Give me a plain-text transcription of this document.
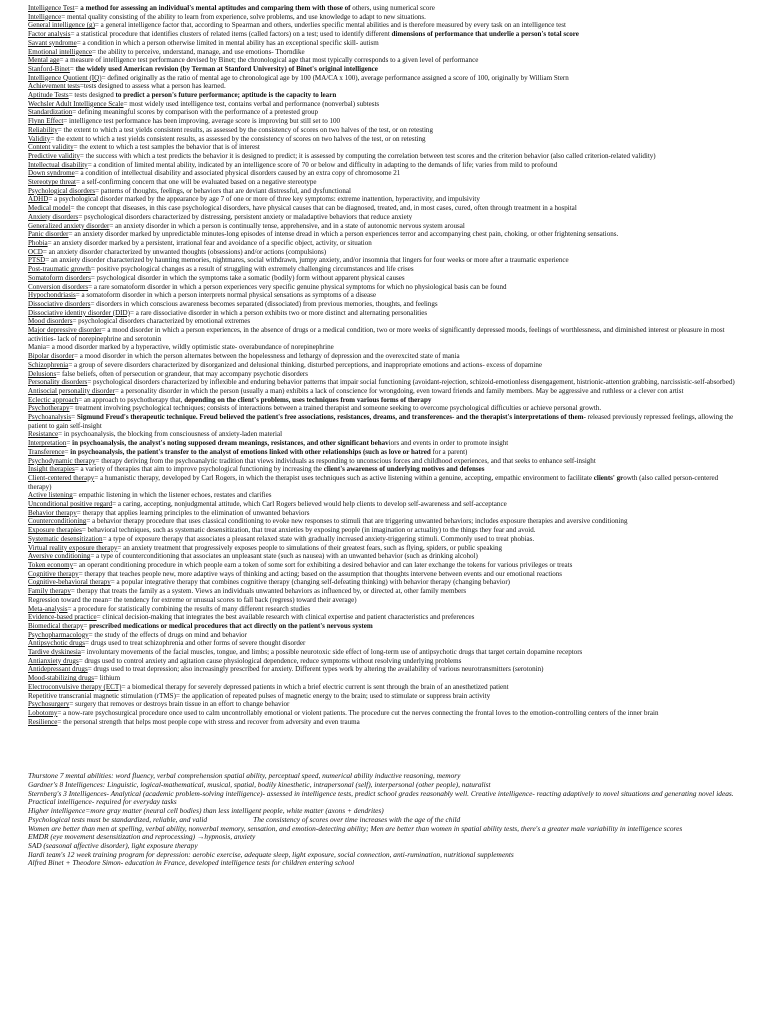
Intelligence Test= a method for assessing an individual's mental aptitudes and comparing them with those of others, using numerical score

Intelligence= mental quality consisting of the ability to learn from experience, solve problems, and use knowledge to adapt to new situations.

General intelligence (g)= a general intelligence factor that, according to Spearman and others, underlies specific mental abilities and is therefore measured by every task on an intelligence test

Factor analysis= a statistical procedure that identifies clusters of related items (called factors) on a test; used to identify different dimensions of performance that underlie a person's total score

Savant syndrome= a condition in which a person otherwise limited in mental ability has an exceptional specific skill- autism

Emotional intelligence= the ability to perceive, understand, manage, and use emotions- Thorndike

Mental age= a measure of intelligence test performance devised by Binet; the chronological age that most typically corresponds to a given level of performance

Stanford-Binet= the widely used American revision (by Terman at Stanford University) of Binet's original intelligence

Intelligence Quotient (IQ)= defined originally as the ratio of mental age to chronological age by 100 (MA/CA x 100), average performance assigned a score of 100, originally by William Stern

Achievement tests=tests designed to assess what a person has learned.

Aptitude Tests= tests designed to predict a person's future performance; aptitude is the capacity to learn

Wechsler Adult Intelligence Scale= most widely used intelligence test, contains verbal and performance (nonverbal) subtests

Standardization= defining meaningful scores by comparison with the performance of a pretested group

Flynn Effect= intelligence test performance has been improving, average score is improving but still set to 100

Reliability= the extent to which a test yields consistent results, as assessed by the consistency of scores on two halves of the test, or on retesting

Validity= the extent to which a test yields consistent results, as assessed by the consistency of scores on two halves of the test, or on retesting

Content validity= the extent to which a test samples the behavior that is of interest

Predictive validity= the success with which a test predicts the behavior it is designed to predict; it is assessed by computing the correlation between test scores and the criterion behavior (also called criterion-related validity)

Intellectual disability= a condition of limited mental ability, indicated by an intelligence score of 70 or below and difficulty in adapting to the demands of life; varies from mild to profound

Down syndrome= a condition of intellectual disability and associated physical disorders caused by an extra copy of chromosome 21

Stereotype threat= a self-confirming concern that one will be evaluated based on a negative stereotype

Psychological disorders= patterns of thoughts, feelings, or behaviors that are deviant distressful, and dysfunctional

ADHD= a psychological disorder marked by the appearance by age 7 of one or more of three key symptoms: extreme inattention, hyperactivity, and impulsivity

Medical model= the concept that diseases, in this case psychological disorders, have physical causes that can be diagnosed, treated, and, in most cases, cured, often through treatment in a hospital

Anxiety disorders= psychological disorders characterized by distressing, persistent anxiety or maladaptive behaviors that reduce anxiety

Generalized anxiety disorder= an anxiety disorder in which a person is continually tense, apprehensive, and in a state of autonomic nervous system arousal

Panic disorder= an anxiety disorder marked by unpredictable minutes-long episodes of intense dread in which a person experiences terror and accompanying chest pain, choking, or other frightening sensations.

Phobia= an anxiety disorder marked by a persistent, irrational fear and avoidance of a specific object, activity, or situation

OCD= an anxiety disorder characterized by unwanted thoughts (obsessions) and/or actions (compulsions)

PTSD= an anxiety disorder characterized by haunting memories, nightmares, social withdrawn, jumpy anxiety, and/or insomnia that lingers for four weeks or more after a traumatic experience

Post-traumatic growth= positive psychological changes as a result of struggling with extremely challenging circumstances and life crises

Somatoform disorders= psychological disorder in which the symptoms take a somatic (bodily) form without apparent physical causes

Conversion disorders= a rare somatoform disorder in which a person experiences very specific genuine physical symptoms for which no physiological basis can be found

Hypochondriasis= a somatoform disorder in which a person interprets normal physical sensations as symptoms of a disease

Dissociative disorders= disorders in which conscious awareness becomes separated (dissociated) from previous memories, thoughts, and feelings

Dissociative identity disorder (DID)= a rare dissociative disorder in which a person exhibits two or more distinct and alternating personalities

Mood disorders= psychological disorders characterized by emotional extremes

Major depressive disorder= a mood disorder in which a person experiences, in the absence of drugs or a medical condition, two or more weeks of significantly depressed moods, feelings of worthlessness, and diminished interest or pleasure in most activities- lack of norepinephrine and serotonin

Mania= a mood disorder marked by a hyperactive, wildly optimistic state- overabundance of norepinephrine

Bipolar disorder= a mood disorder in which the person alternates between the hopelessness and lethargy of depression and the overexcited state of mania

Schizophrenia= a group of severe disorders characterized by disorganized and delusional thinking, disturbed perceptions, and inappropriate emotions and actions- excess of dopamine

Delusions= false beliefs, often of persecution or grandeur, that may accompany psychotic disorders

Personality disorders= psychological disorders characterized by inflexible and enduring behavior patterns that impair social functioning (avoidant-rejection, schizoid-emotionless disengagement, histrionic-attention grabbing, narcissistic-self-absorbed)

Antisocial personality disorder= a personality disorder in which the person (usually a man) exhibits a lack of conscience for wrongdoing, even toward friends and family members. May be aggressive and ruthless or a clever con artist

Eclectic approach= an approach to psychotherapy that, depending on the client's problems, uses techniques from various forms of therapy

Psychotherapy= treatment involving psychological techniques; consists of interactions between a trained therapist and someone seeking to overcome psychological difficulties or achieve personal growth.

Psychoanalysis= Sigmund Freud's therapeutic technique. Freud believed the patient's free associations, resistances, dreams, and transferences- and the therapist's interpretations of them- released previously repressed feelings, allowing the patient to gain self-insight

Resistance= in psychoanalysis, the blocking from consciousness of anxiety-laden material

Interpretation= in psychoanalysis, the analyst's noting supposed dream meanings, resistances, and other significant behaviors and events in order to promote insight

Transference= in psychoanalysis, the patient's transfer to the analyst of emotions linked with other relationships (such as love or hatred for a parent)

Psychodynamic therapy= therapy deriving from the psychoanalytic tradition that views individuals as responding to unconscious forces and childhood experiences, and that seeks to enhance self-insight

Insight therapies= a variety of therapies that aim to improve psychological functioning by increasing the client's awareness of underlying motives and defenses

Client-centered therapy= a humanistic therapy, developed by Carl Rogers, in which the therapist uses techniques such as active listening within a genuine, accepting, empathic environment to facilitate clients' growth (also called person-centered therapy)

Active listening= empathic listening in which the listener echoes, restates and clarifies

Unconditional positive regard= a caring, accepting, nonjudgmental attitude, which Carl Rogers believed would help clients to develop self-awareness and self-acceptance

Behavior therapy= therapy that applies learning principles to the elimination of unwanted behaviors

Counterconditioning= a behavior therapy procedure that uses classical conditioning to evoke new responses to stimuli that are triggering unwanted behaviors; includes exposure therapies and aversive conditioning

Exposure therapies= behavioral techniques, such as systematic desensitization, that treat anxieties by exposing people (in imagination or actuality) to the things they fear and avoid.

Systematic desensitization= a type of exposure therapy that associates a pleasant relaxed state with gradually increased anxiety-triggering stimuli. Commonly used to treat phobias.

Virtual reality exposure therapy= an anxiety treatment that progressively exposes people to simulations of their greatest fears, such as flying, spiders, or public speaking

Aversive conditioning= a type of counterconditioning that associates an unpleasant state (such as nausea) with an unwanted behavior (such as drinking alcohol)

Token economy= an operant conditioning procedure in which people earn a token of some sort for exhibiting a desired behavior and can later exchange the tokens for various privileges or treats

Cognitive therapy= therapy that teaches people new, more adaptive ways of thinking and acting; based on the assumption that thoughts intervene between events and our emotional reactions

Cognitive-behavioral therapy= a popular integrative therapy that combines cognitive therapy (changing self-defeating thinking) with behavior therapy (changing behavior)

Family therapy= therapy that treats the family as a system. Views an individuals unwanted behaviors as influenced by, or directed at, other family members

Regression toward the mean= the tendency for extreme or unusual scores to fall back (regress) toward their average)

Meta-analysis= a procedure for statistically combining the results of many different research studies

Evidence-based practice= clinical decision-making that integrates the best available research with clinical expertise and patient characteristics and preferences

Biomedical therapy= prescribed medications or medical procedures that act directly on the patient's nervous system

Psychopharmacology= the study of the effects of drugs on mind and behavior

Antipsychotic drugs= drugs used to treat schizophrenia and other forms of severe thought disorder

Tardive dyskinesia= involuntary movements of the facial muscles, tongue, and limbs; a possible neurotoxic side effect of long-term use of antipsychotic drugs that target certain dopamine receptors

Antianxiety drugs= drugs used to control anxiety and agitation cause physiological dependence, reduce symptoms without resolving underlying problems

Antidepressant drugs= drugs used to treat depression; also increasingly prescribed for anxiety. Different types work by altering the availability of various neurotransmitters (serotonin)

Mood-stabilizing drugs= lithium

Electroconvulsive therapy (ECT)= a biomedical therapy for severely depressed patients in which a brief electric current is sent through the brain of an anesthetized patient

Repetitive transcranial magnetic stimulation (rTMS)= the application of repeated pulses of magnetic energy to the brain; used to stimulate or suppress brain activity

Psychosurgery= surgery that removes or destroys brain tissue in an effort to change behavior

Lobotomy= a now-rare psychosurgical procedure once used to calm uncontrollably emotional or violent patients. The procedure cut the nerves connecting the frontal loves to the emotion-controlling centers of the inner brain

Resilience= the personal strength that helps most people cope with stress and recover from adversity and even trauma

Thurstone 7 mental abilities: word fluency, verbal comprehension spatial ability, perceptual speed, numerical ability inductive reasoning, memory

Gardner's 8 Intelligences: Linguistic, logical-mathematical, musical, spatial, bodily kinesthetic, intrapersonal (self), interpersonal (other people), naturalist

Sternberg's 3 Intelligences- Analytical (academic problem-solving intelligence)- assessed in intelligence tests, predict school grades reasonably well. Creative intelligence- reacting adaptively to novel situations and generating novel ideas. Practical intelligence- required for everyday tasks

Higher intelligence=more gray matter (neural cell bodies) than less intelligent people, white matter (axons + dendrites)

Psychological tests must be standardized, reliable, and valid	The consistency of scores over time increases with the age of the child

Women are better than men at spelling, verbal ability, nonverbal memory, sensation, and emotion-detecting ability; Men are better than women in spatial ability tests, there's a greater male variability in intelligence scores

EMDR (eye movement desensitization and reprocessing) →hypnosis, anxiety

SAD (seasonal affective disorder), light exposure therapy

Ilardi team's 12 week training program for depression: aerobic exercise, adequate sleep, light exposure, social connection, anti-rumination, nutritional supplements

Alfred Binet + Theodore Simon- education in France, developed intelligence tests for children entering school
